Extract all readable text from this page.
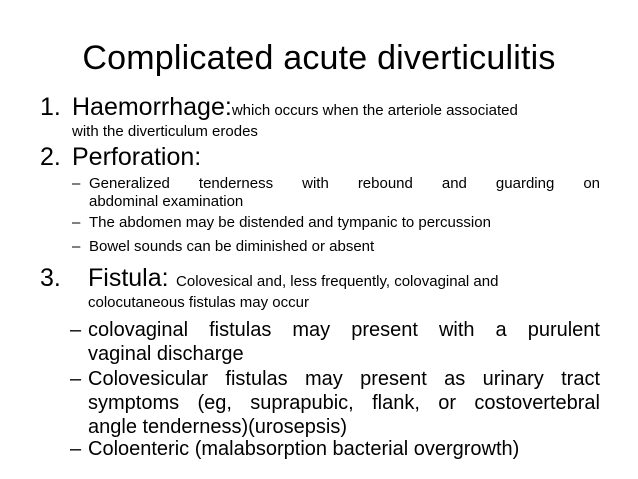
Complicated acute diverticulitis
1. Haemorrhage:which occurs when the arteriole associated
with the diverticulum erodes
2. Perforation:
– Generalized tenderness with rebound and guarding on
abdominal examination
– The abdomen may be distended and tympanic to percussion
– Bowel sounds can be diminished or absent
3. Fistula: Colovesical and, less frequently, colovaginal and
colocutaneous fistulas may occur
– colovaginal fistulas may present with a purulent
vaginal discharge
– Colovesicular fistulas may present as urinary tract
symptoms (eg, suprapubic, flank, or costovertebral
angle tenderness)(urosepsis)
– Coloenteric (malabsorption bacterial overgrowth)
